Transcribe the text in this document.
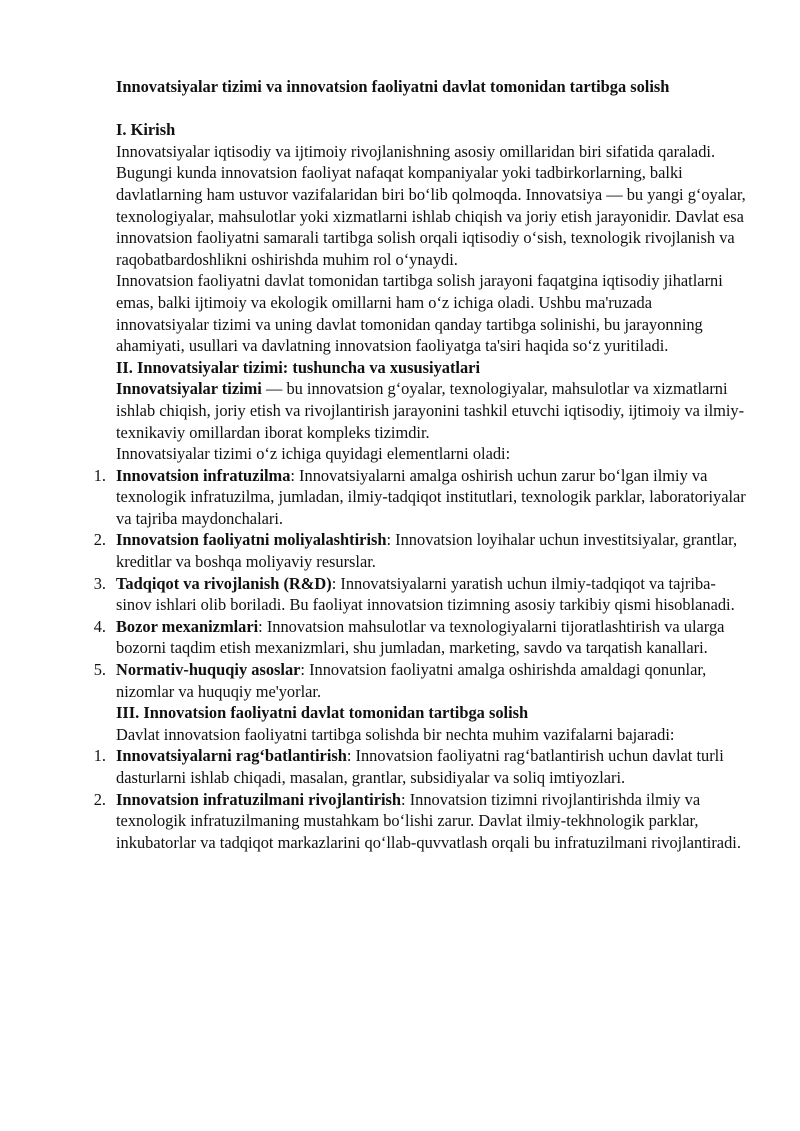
Innovatsiyalar tizimi va innovatsion faoliyatni davlat tomonidan tartibga solish

I. Kirish

Innovatsiyalar iqtisodiy va ijtimoiy rivojlanishning asosiy omillaridan biri sifatida qaraladi. Bugungi kunda innovatsion faoliyat nafaqat kompaniyalar yoki tadbirkorlarning, balki davlatlarning ham ustuvor vazifalaridan biri bo‘lib qolmoqda. Innovatsiya — bu yangi g‘oyalar, texnologiyalar, mahsulotlar yoki xizmatlarni ishlab chiqish va joriy etish jarayonidir. Davlat esa innovatsion faoliyatni samarali tartibga solish orqali iqtisodiy o‘sish, texnologik rivojlanish va raqobatbardoshlikni oshirishda muhim rol o‘ynaydi.

Innovatsion faoliyatni davlat tomonidan tartibga solish jarayoni faqatgina iqtisodiy jihatlarni emas, balki ijtimoiy va ekologik omillarni ham o‘z ichiga oladi. Ushbu ma'ruzada innovatsiyalar tizimi va uning davlat tomonidan qanday tartibga solinishi, bu jarayonning ahamiyati, usullari va davlatning innovatsion faoliyatga ta'siri haqida so‘z yuritiladi.

II. Innovatsiyalar tizimi: tushuncha va xususiyatlari

Innovatsiyalar tizimi — bu innovatsion g‘oyalar, texnologiyalar, mahsulotlar va xizmatlarni ishlab chiqish, joriy etish va rivojlantirish jarayonini tashkil etuvchi iqtisodiy, ijtimoiy va ilmiy-texnikaviy omillardan iborat kompleks tizimdir.

Innovatsiyalar tizimi o‘z ichiga quyidagi elementlarni oladi:

1. Innovatsion infratuzilma: Innovatsiyalarni amalga oshirish uchun zarur bo‘lgan ilmiy va texnologik infratuzilma, jumladan, ilmiy-tadqiqot institutlari, texnologik parklar, laboratoriyalar va tajriba maydonchalari.
2. Innovatsion faoliyatni moliyalashtirish: Innovatsion loyihalar uchun investitsiyalar, grantlar, kreditlar va boshqa moliyaviy resurslar.
3. Tadqiqot va rivojlanish (R&D): Innovatsiyalarni yaratish uchun ilmiy-tadqiqot va tajriba-sinov ishlari olib boriladi. Bu faoliyat innovatsion tizimning asosiy tarkibiy qismi hisoblanadi.
4. Bozor mexanizmlari: Innovatsion mahsulotlar va texnologiyalarni tijoratlashtirish va ularga bozorni taqdim etish mexanizmlari, shu jumladan, marketing, savdo va tarqatish kanallari.
5. Normativ-huquqiy asoslar: Innovatsion faoliyatni amalga oshirishda amaldagi qonunlar, nizomlar va huquqiy me'yorlar.

III. Innovatsion faoliyatni davlat tomonidan tartibga solish

Davlat innovatsion faoliyatni tartibga solishda bir nechta muhim vazifalarni bajaradi:

1. Innovatsiyalarni rag‘batlantirish: Innovatsion faoliyatni rag‘batlantirish uchun davlat turli dasturlarni ishlab chiqadi, masalan, grantlar, subsidiyalar va soliq imtiyozlari.
2. Innovatsion infratuzilmani rivojlantirish: Innovatsion tizimni rivojlantirishda ilmiy va texnologik infratuzilmaning mustahkam bo‘lishi zarur. Davlat ilmiy-tekhnologik parklar, inkubatorlar va tadqiqot markazlarini qo‘llab-quvvatlash orqali bu infratuzilmani rivojlantiradi.
